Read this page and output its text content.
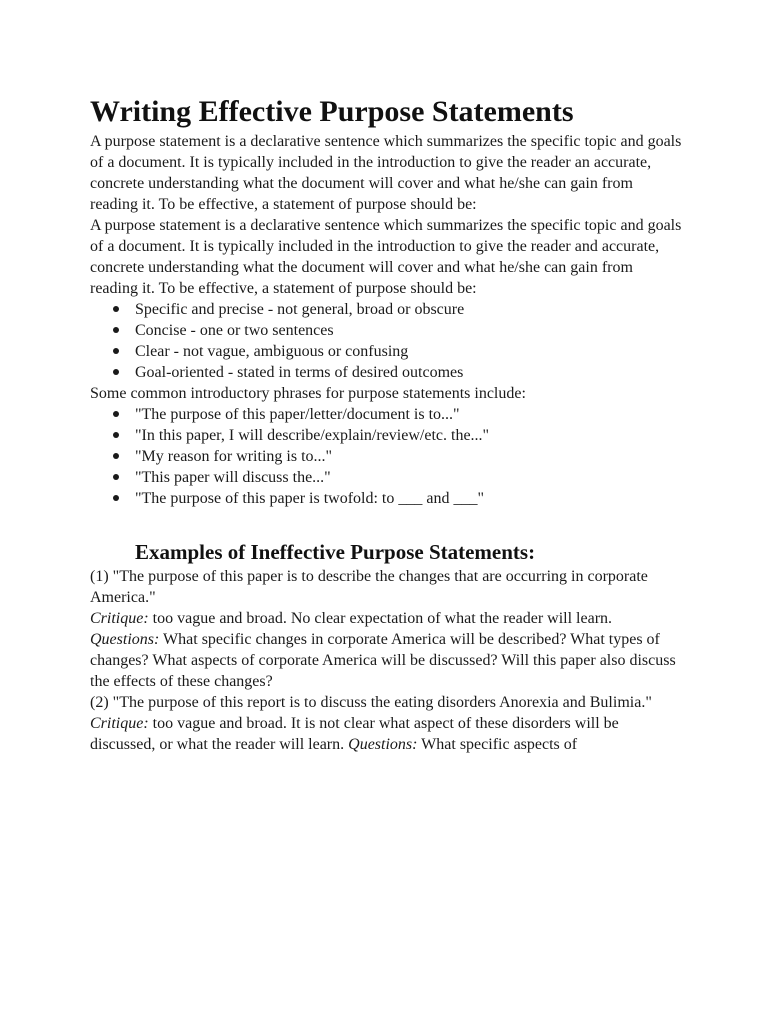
Writing Effective Purpose Statements

A purpose statement is a declarative sentence which summarizes the specific topic and goals of a document. It is typically included in the introduction to give the reader an accurate, concrete understanding what the document will cover and what he/she can gain from reading it. To be effective, a statement of purpose should be:

A purpose statement is a declarative sentence which summarizes the specific topic and goals of a document. It is typically included in the introduction to give the reader and accurate, concrete understanding what the document will cover and what he/she can gain from reading it. To be effective, a statement of purpose should be:

Specific and precise - not general, broad or obscure
Concise - one or two sentences
Clear - not vague, ambiguous or confusing
Goal-oriented - stated in terms of desired outcomes

Some common introductory phrases for purpose statements include:

"The purpose of this paper/letter/document is to..."
"In this paper, I will describe/explain/review/etc. the..."
"My reason for writing is to..."
"This paper will discuss the..."
"The purpose of this paper is twofold: to ___ and ___"
Examples of Ineffective Purpose Statements:

(1) "The purpose of this paper is to describe the changes that are occurring in corporate America."

Critique: too vague and broad. No clear expectation of what the reader will learn. Questions: What specific changes in corporate America will be described? What types of changes? What aspects of corporate America will be discussed? Will this paper also discuss the effects of these changes?

(2) "The purpose of this report is to discuss the eating disorders Anorexia and Bulimia."

Critique: too vague and broad. It is not clear what aspect of these disorders will be discussed, or what the reader will learn. Questions: What specific aspects of
